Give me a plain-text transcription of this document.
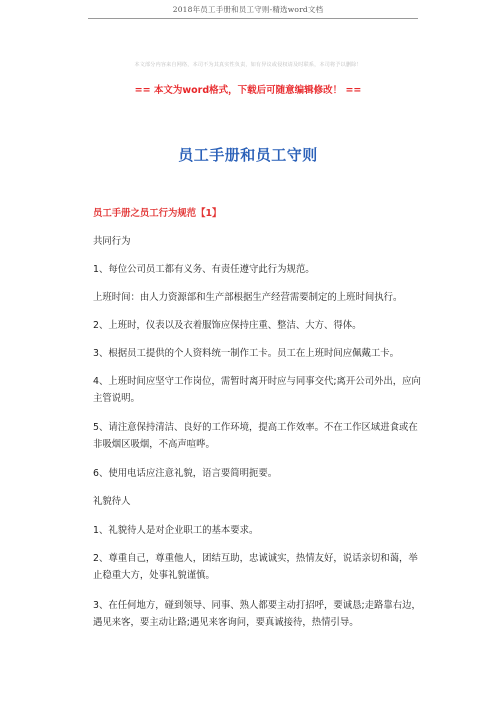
2018年员工手册和员工守则-精选word文档
本文部分内容来自网络，本司不为其真实性负责，如有异议或侵权请及时联系，本司将予以删除！
== 本文为word格式，下载后可随意编辑修改！ ==
员工手册和员工守则

员工手册之员工行为规范【1】

共同行为

1、每位公司员工都有义务、有责任遵守此行为规范。

上班时间：由人力资源部和生产部根据生产经营需要制定的上班时间执行。

2、上班时，仪表以及衣着服饰应保持庄重、整洁、大方、得体。

3、根据员工提供的个人资料统一制作工卡。员工在上班时间应佩戴工卡。

4、上班时间应坚守工作岗位，需暂时离开时应与同事交代;离开公司外出，应向主管说明。

5、请注意保持清洁、良好的工作环境，提高工作效率。不在工作区域进食或在非吸烟区吸烟，不高声喧哗。

6、使用电话应注意礼貌，语言要简明扼要。

礼貌待人

1、礼貌待人是对企业职工的基本要求。

2、尊重自己，尊重他人，团结互助，忠诚诚实，热情友好，说话亲切和蔼，举止稳重大方，处事礼貌谨慎。

3、在任何地方，碰到领导、同事、熟人都要主动打招呼，要诚恳;走路靠右边，遇见来客，要主动让路;遇见来客询问，要真诚接待，热情引导。
